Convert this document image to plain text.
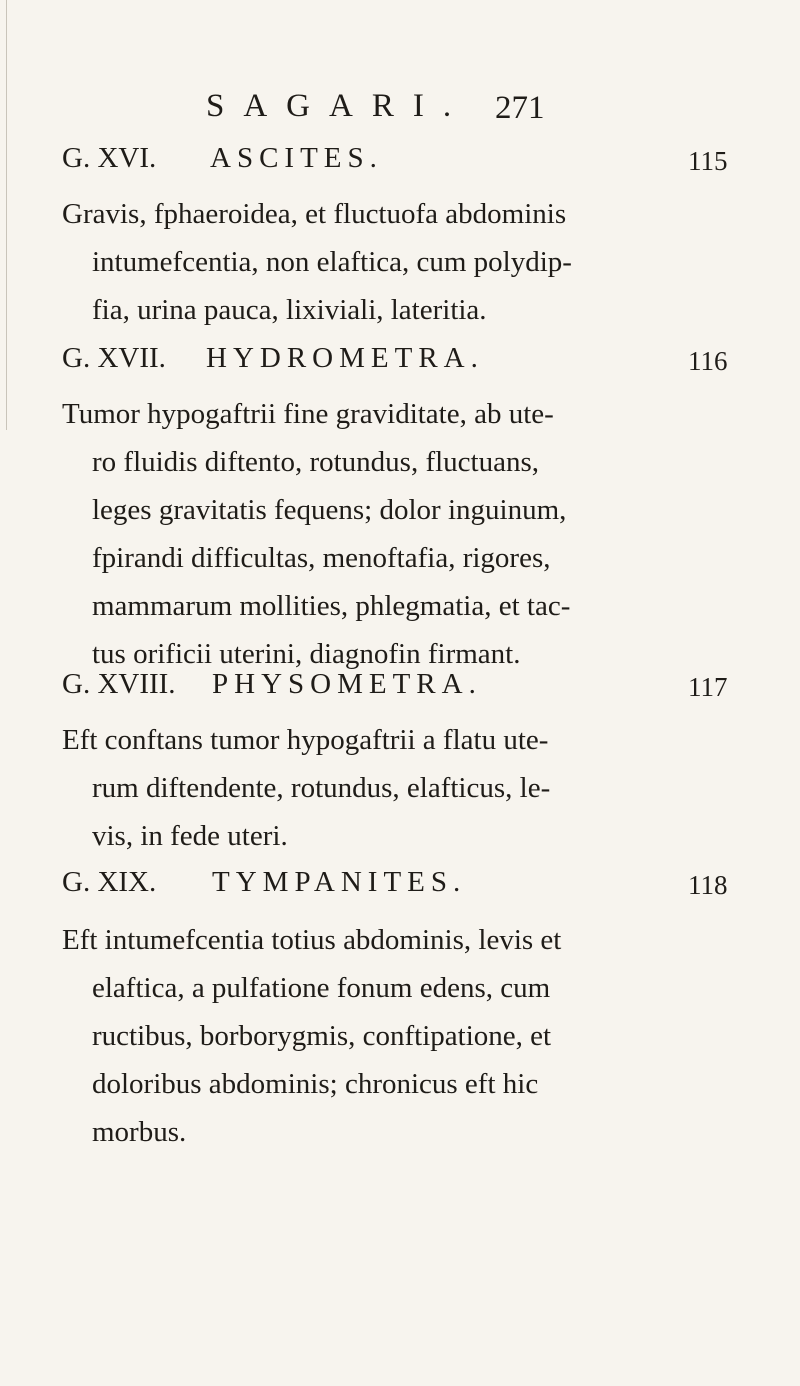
SAGARI. 271
G. XVI. ASCITES.	115
Gravis, fphaeroidea, et fluctuofa abdominis
intumefcentia, non elaftica, cum polydip-
fia, urina pauca, lixiviali, lateritia.
G. XVII. HYDROMETRA.	116
Tumor hypogaftrii fine graviditate, ab ute-
ro fluidis diftento, rotundus, fluctuans,
leges gravitatis fequens; dolor inguinum,
fpirandi difficultas, menoftafia, rigores,
mammarum mollities, phlegmatia, et tac-
tus orificii uterini, diagnofin firmant.
G. XVIII. PHYSOMETRA.	117
Eft conftans tumor hypogaftrii a flatu ute-
rum diftendente, rotundus, elafticus, le-
vis, in fede uteri.
G. XIX. TYMPANITES.	118
Eft intumefcentia totius abdominis, levis et
elaftica, a pulfatione fonum edens, cum
ructibus, borborygmis, conftipatione, et
doloribus abdominis; chronicus eft hic
morbus.
